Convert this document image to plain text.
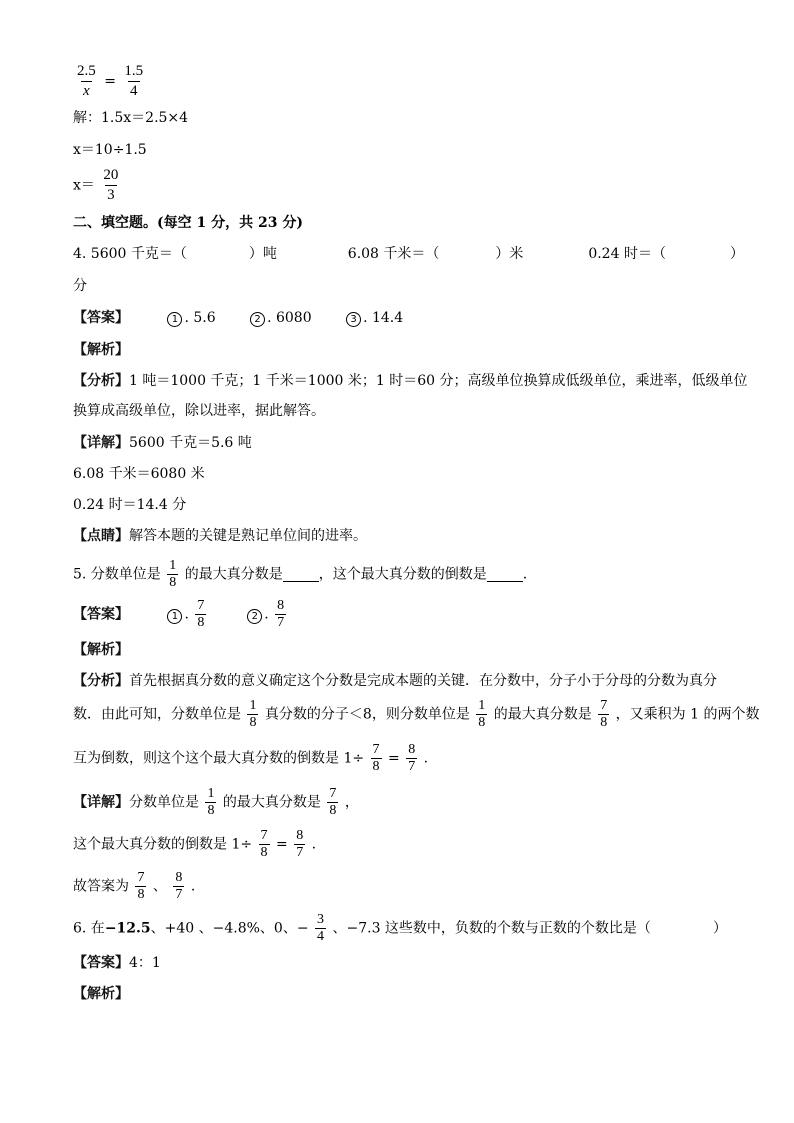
$\frac{2.5}{x} = \frac{1.5}{4}$
解：1.5x＝2.5×4
x＝10÷1.5
$x= \frac{20}{3}$
二、填空题。(每空 1 分，共 23 分)
4. 5600 千克＝（	）吨	6.08 千米＝（	）米	0.24 时＝（	）
分
【答案】	1 . 5.6	2 . 6080	3 . 14.4
【解析】
【分析】1 吨＝1000 千克；1 千米＝1000 米；1 时＝60 分；高级单位换算成低级单位，乘进率，低级单位
换算成高级单位，除以进率，据此解答。
【详解】5600 千克＝5.6 吨
6.08 千米＝6080 米
0.24 时＝14.4 分
【点睛】解答本题的关键是熟记单位间的进率。
5. 分数单位是 $\frac{1}{8}$ 的最大真分数是	，这个最大真分数的倒数是	.
【答案】	1 . $\frac{7}{8}$	2 . $\frac{8}{7}$
【解析】
【分析】首先根据真分数的意义确定这个分数是完成本题的关键．在分数中，分子小于分母的分数为真分
数．由此可知，分数单位是 $\frac{1}{8}$ 真分数的分子＜8，则分数单位是 $\frac{1}{8}$ 的最大真分数是 $\frac{7}{8}$ ，又乘积为 1 的两个数
互为倒数，则这个这个最大真分数的倒数是 $1\div \frac{7}{8} = \frac{8}{7}$ .
【详解】分数单位是 $\frac{1}{8}$ 的最大真分数是 $\frac{7}{8}$ ，
这个最大真分数的倒数是 $1\div \frac{7}{8} = \frac{8}{7}$ .
故答案为 $\frac{7}{8}$ 、 $\frac{8}{7}$ .
6. 在−12.5、+40 、−4.8%、0、− $\frac{3}{4}$ 、−7.3 这些数中，负数的个数与正数的个数比是（	）
【答案】4：1
【解析】
